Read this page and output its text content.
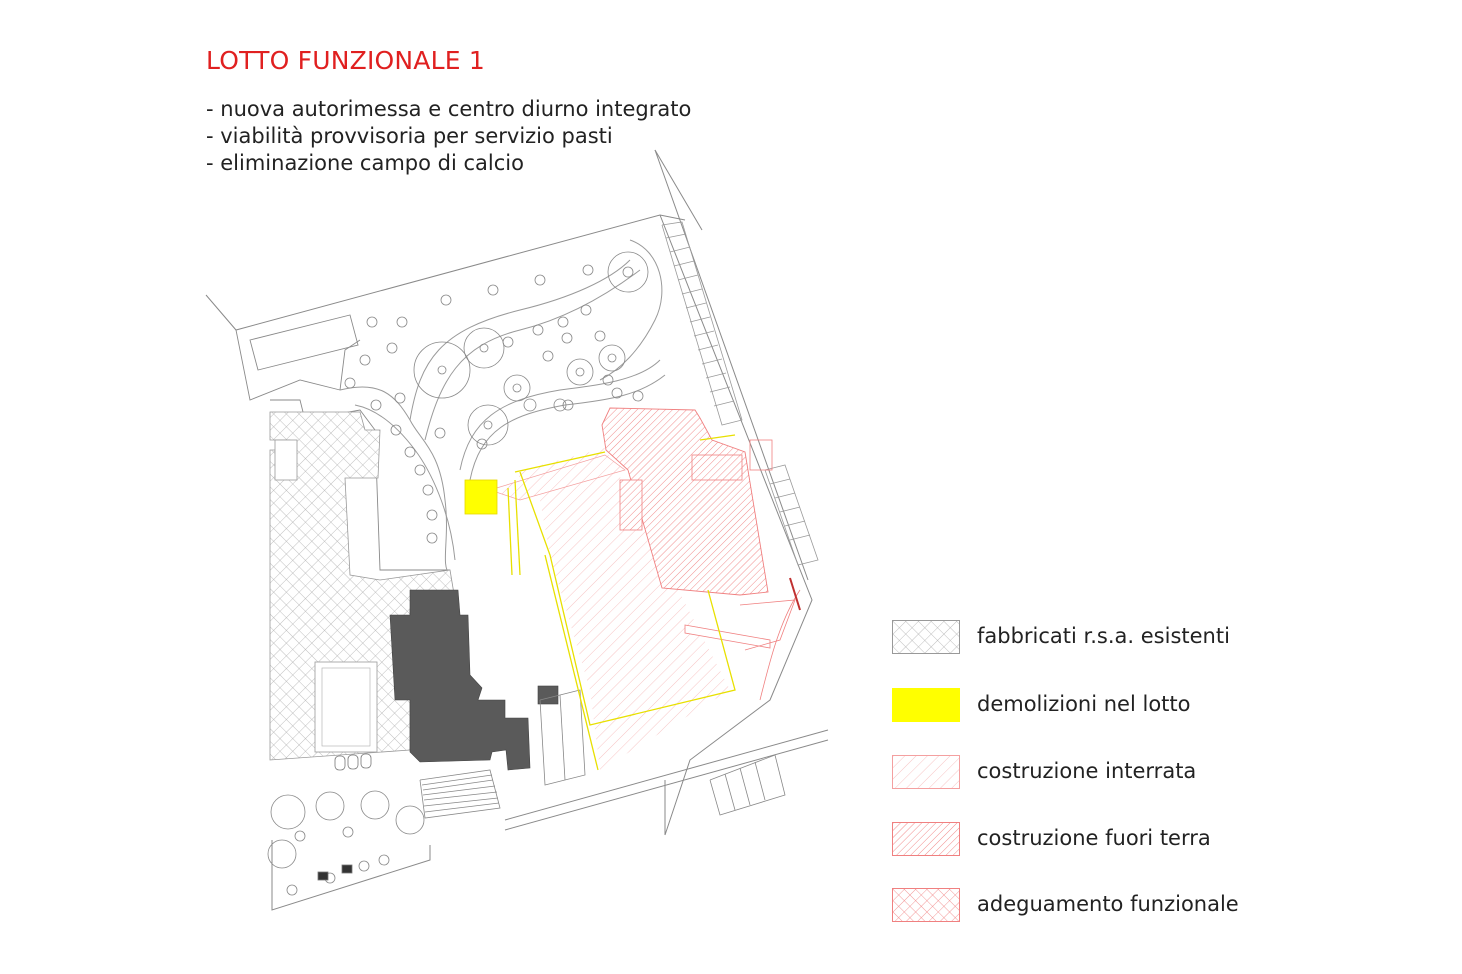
LOTTO FUNZIONALE 1
- nuova autorimessa e centro diurno integrato
- viabilità provvisoria per servizio pasti
- eliminazione campo di calcio
fabbricati r.s.a. esistenti
demolizioni nel lotto
costruzione interrata
costruzione fuori terra
adeguamento funzionale
